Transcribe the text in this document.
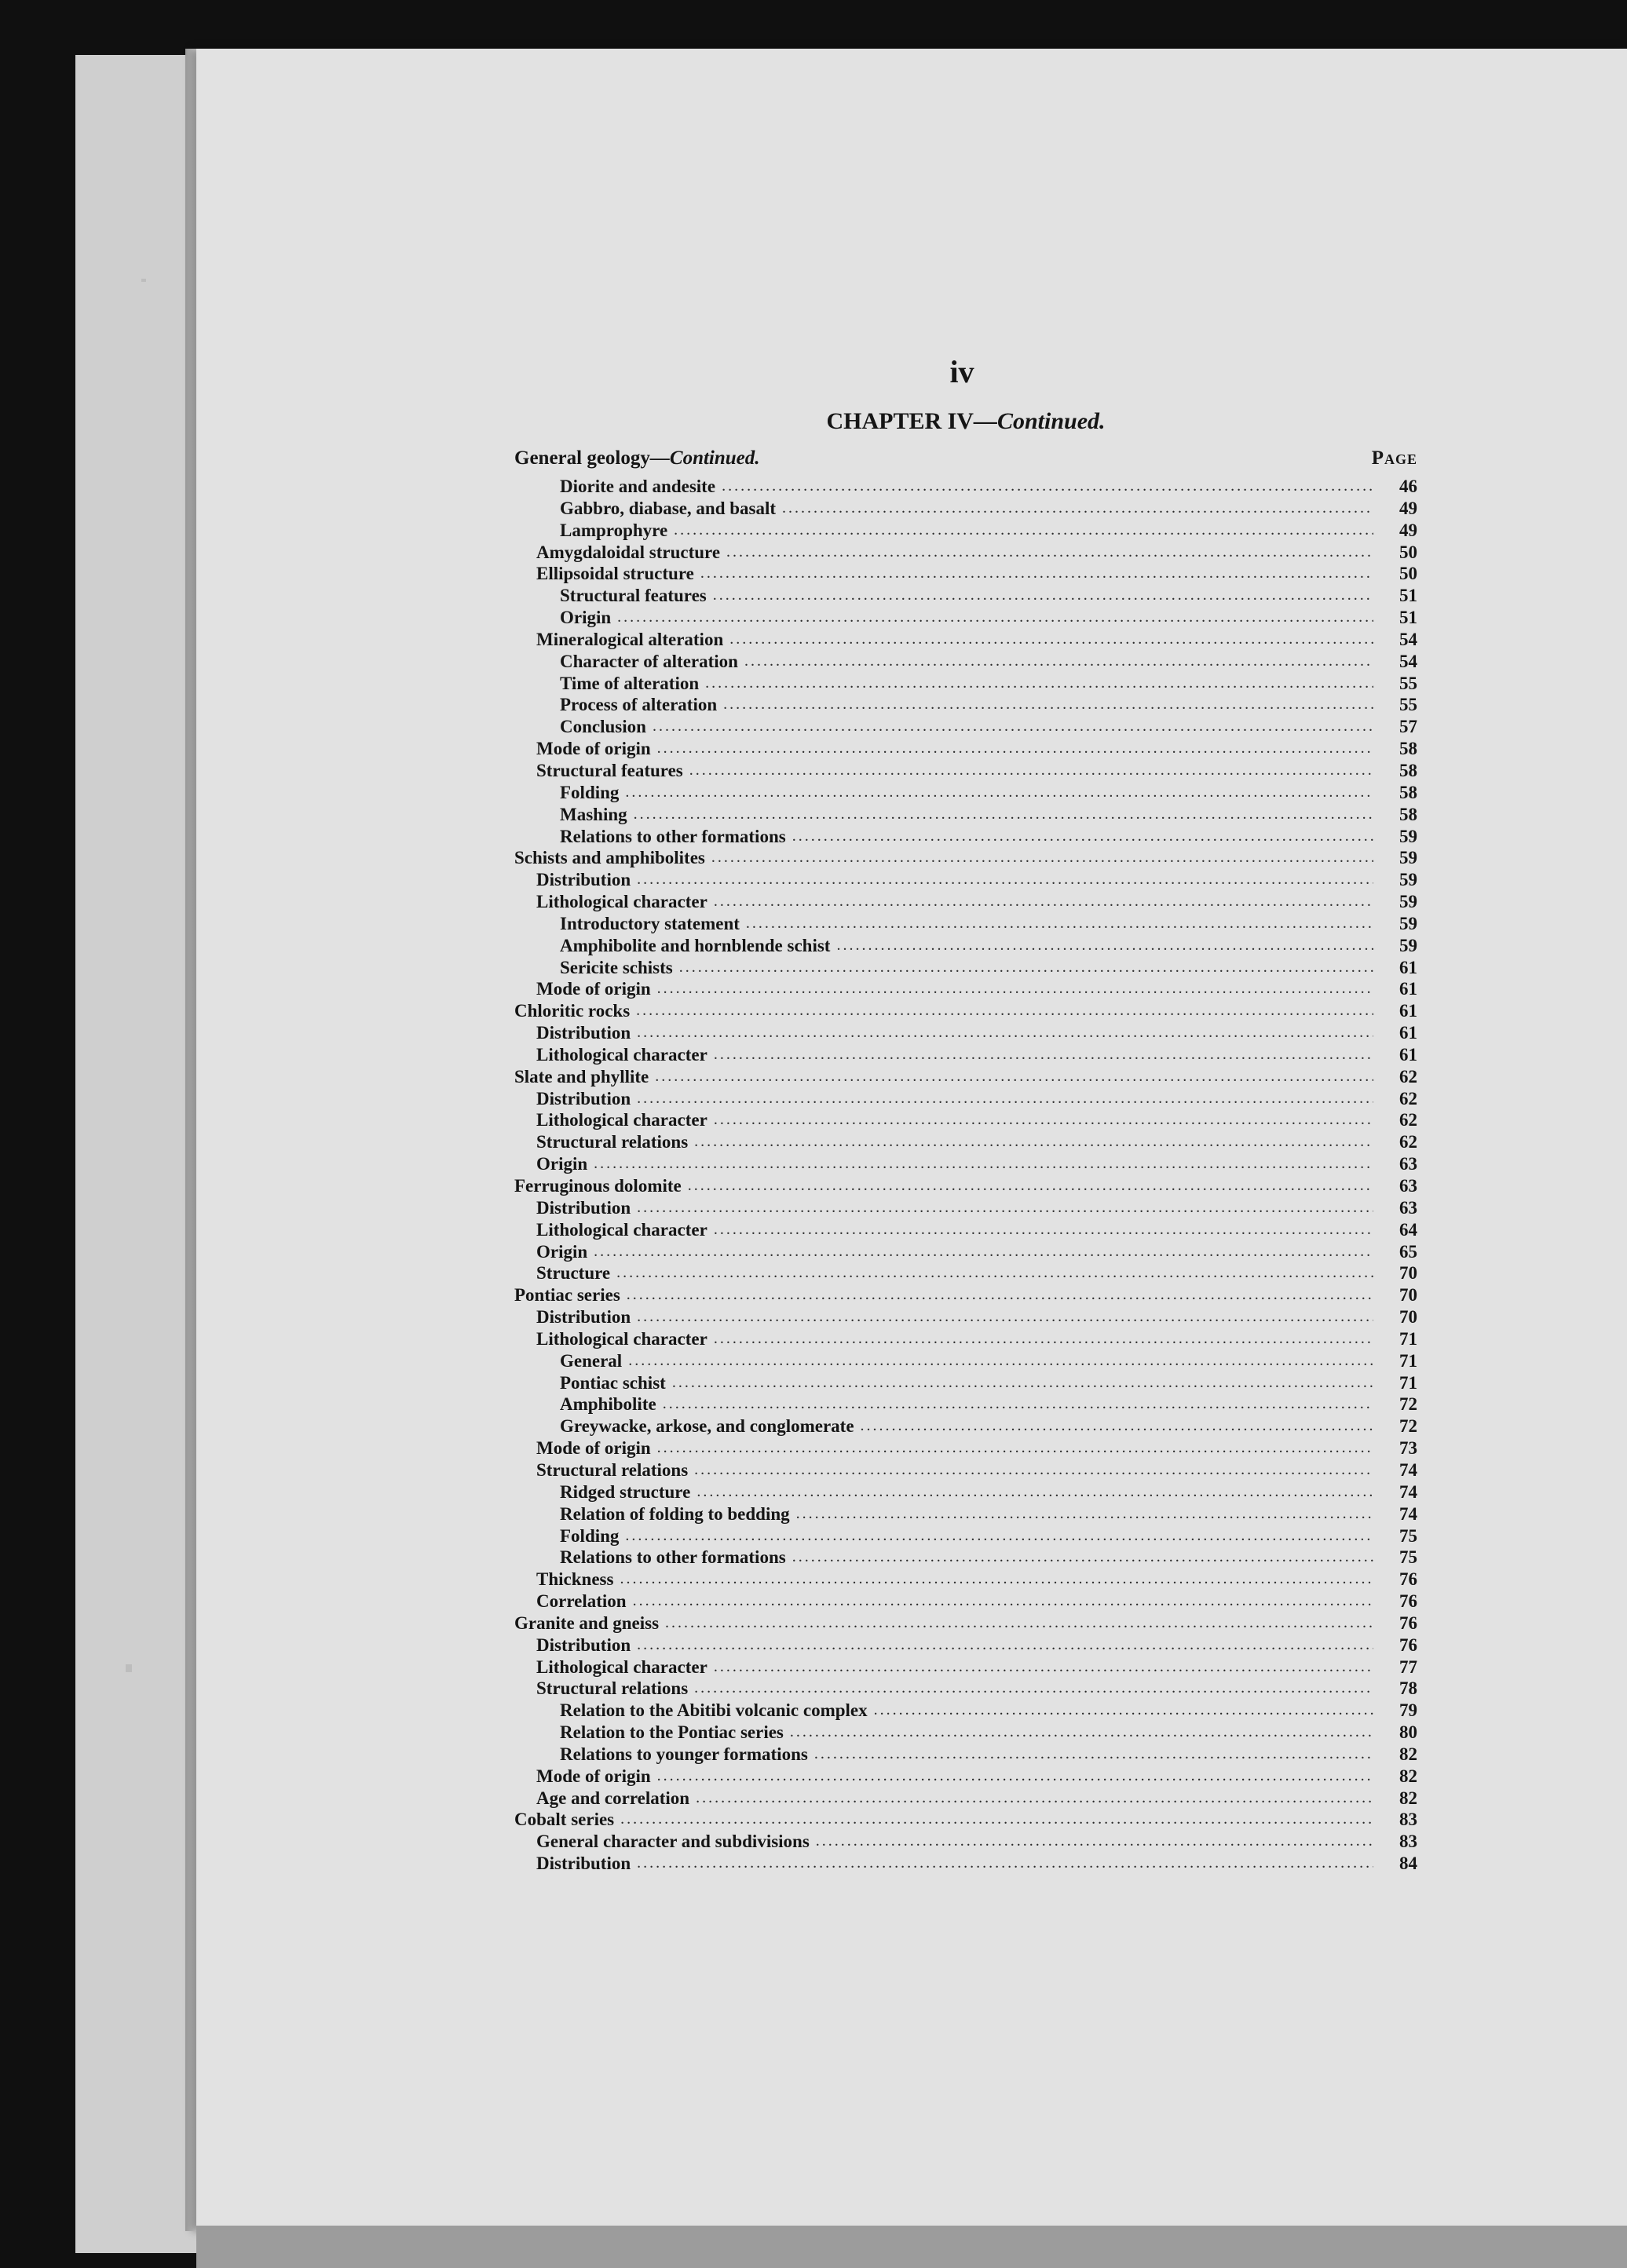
iv
CHAPTER IV—Continued.
General geology—Continued.	Page
Diorite and andesite .....	46
Gabbro, diabase, and basalt .....	49
Lamprophyre .....	49
Amygdaloidal structure .....	50
Ellipsoidal structure .....	50
Structural features .....	51
Origin .....	51
Mineralogical alteration .....	54
Character of alteration .....	54
Time of alteration .....	55
Process of alteration .....	55
Conclusion .....	57
Mode of origin .....	58
Structural features .....	58
Folding .....	58
Mashing .....	58
Relations to other formations .....	59
Schists and amphibolites .....	59
Distribution .....	59
Lithological character .....	59
Introductory statement .....	59
Amphibolite and hornblende schist .....	59
Sericite schists .....	61
Mode of origin .....	61
Chloritic rocks .....	61
Distribution .....	61
Lithological character .....	61
Slate and phyllite .....	62
Distribution .....	62
Lithological character .....	62
Structural relations .....	62
Origin .....	63
Ferruginous dolomite .....	63
Distribution .....	63
Lithological character .....	64
Origin .....	65
Structure .....	70
Pontiac series .....	70
Distribution .....	70
Lithological character .....	71
General .....	71
Pontiac schist .....	71
Amphibolite .....	72
Greywacke, arkose, and conglomerate .....	72
Mode of origin .....	73
Structural relations .....	74
Ridged structure .....	74
Relation of folding to bedding .....	74
Folding .....	75
Relations to other formations .....	75
Thickness .....	76
Correlation .....	76
Granite and gneiss .....	76
Distribution .....	76
Lithological character .....	77
Structural relations .....	78
Relation to the Abitibi volcanic complex .....	79
Relation to the Pontiac series .....	80
Relations to younger formations .....	82
Mode of origin .....	82
Age and correlation .....	82
Cobalt series .....	83
General character and subdivisions .....	83
Distribution .....	84
